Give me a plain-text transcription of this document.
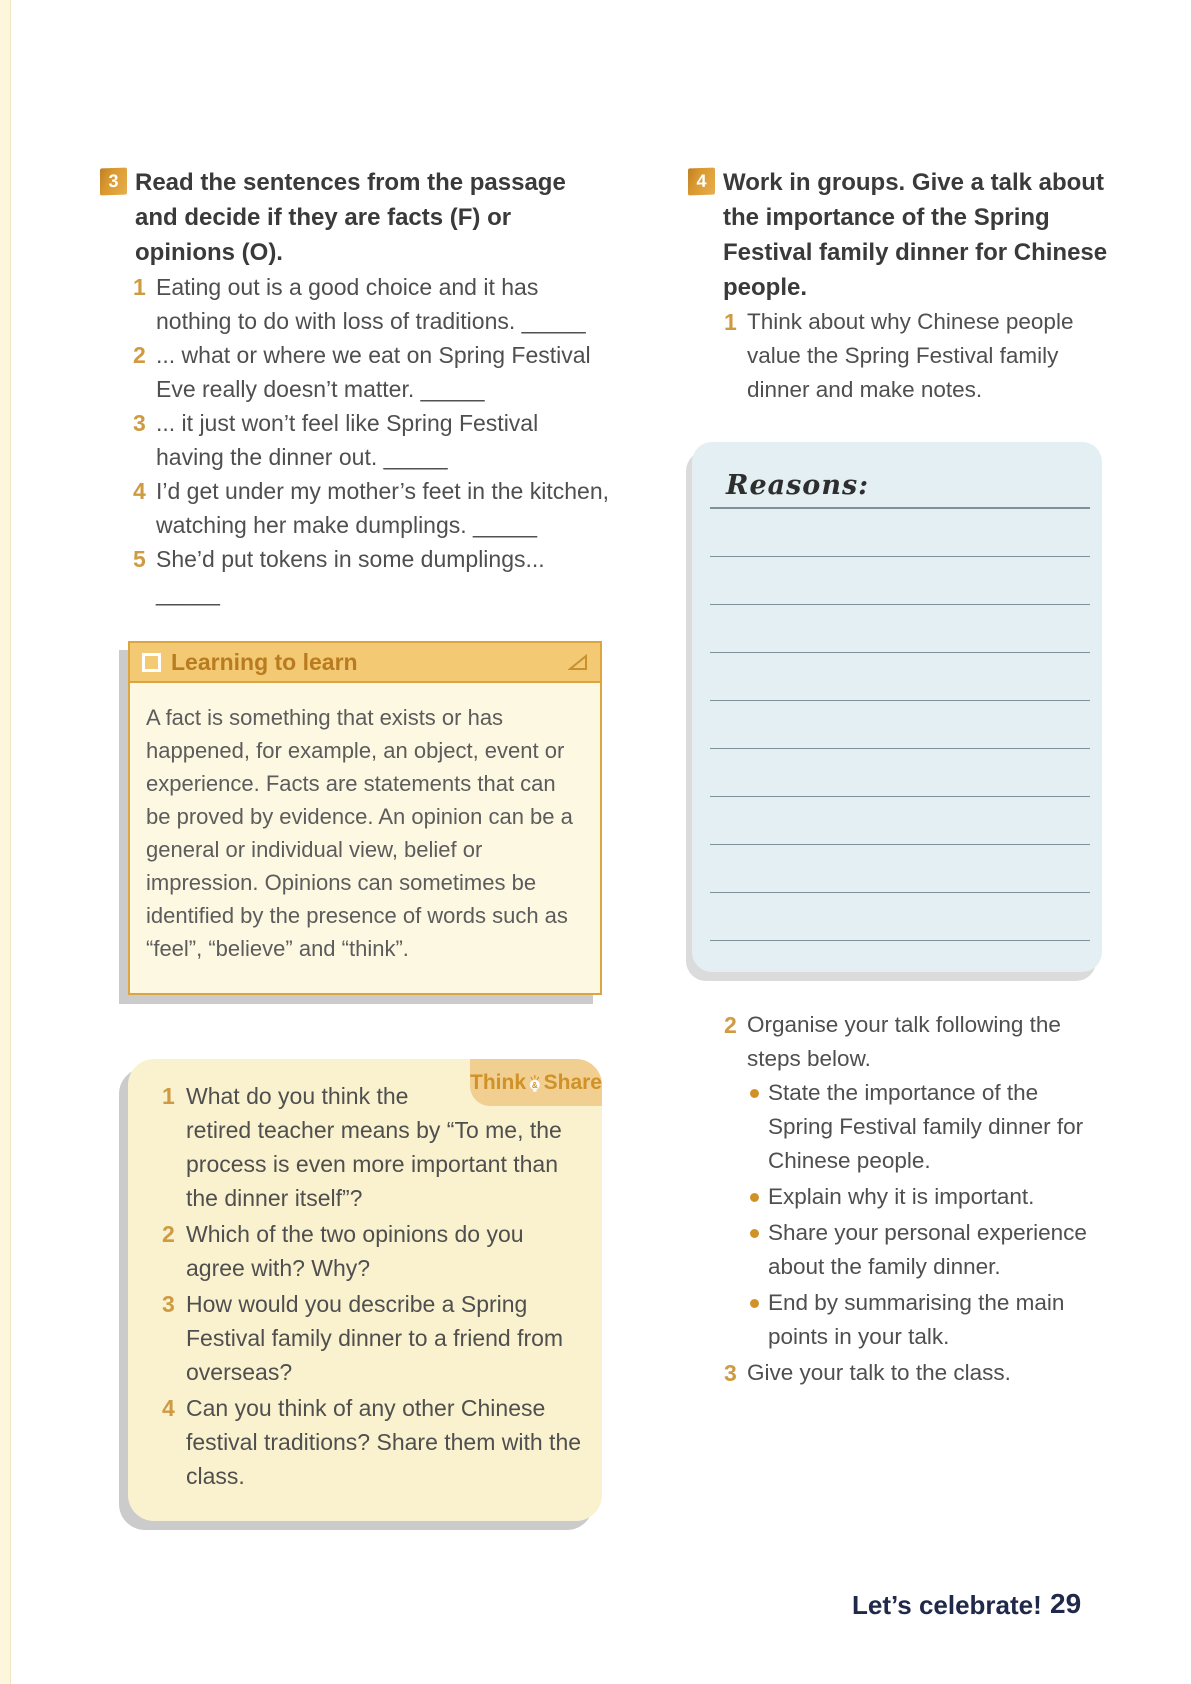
3 Read the sentences from the passage and decide if they are facts (F) or opinions (O).
1 Eating out is a good choice and it has nothing to do with loss of traditions. _____
2 ... what or where we eat on Spring Festival Eve really doesn’t matter. _____
3 ... it just won’t feel like Spring Festival having the dinner out. _____
4 I’d get under my mother’s feet in the kitchen, watching her make dumplings. _____
5 She’d put tokens in some dumplings... _____
Learning to learn
A fact is something that exists or has happened, for example, an object, event or experience. Facts are statements that can be proved by evidence. An opinion can be a general or individual view, belief or impression. Opinions can sometimes be identified by the presence of words such as “feel”, “believe” and “think”.
Think & Share
1 What do you think the retired teacher means by “To me, the process is even more important than the dinner itself”?
2 Which of the two opinions do you agree with? Why?
3 How would you describe a Spring Festival family dinner to a friend from overseas?
4 Can you think of any other Chinese festival traditions? Share them with the class.
4 Work in groups. Give a talk about the importance of the Spring Festival family dinner for Chinese people.
1 Think about why Chinese people value the Spring Festival family dinner and make notes.
Reasons:
2 Organise your talk following the steps below.
State the importance of the Spring Festival family dinner for Chinese people.
Explain why it is important.
Share your personal experience about the family dinner.
End by summarising the main points in your talk.
3 Give your talk to the class.
Let’s celebrate! 29
